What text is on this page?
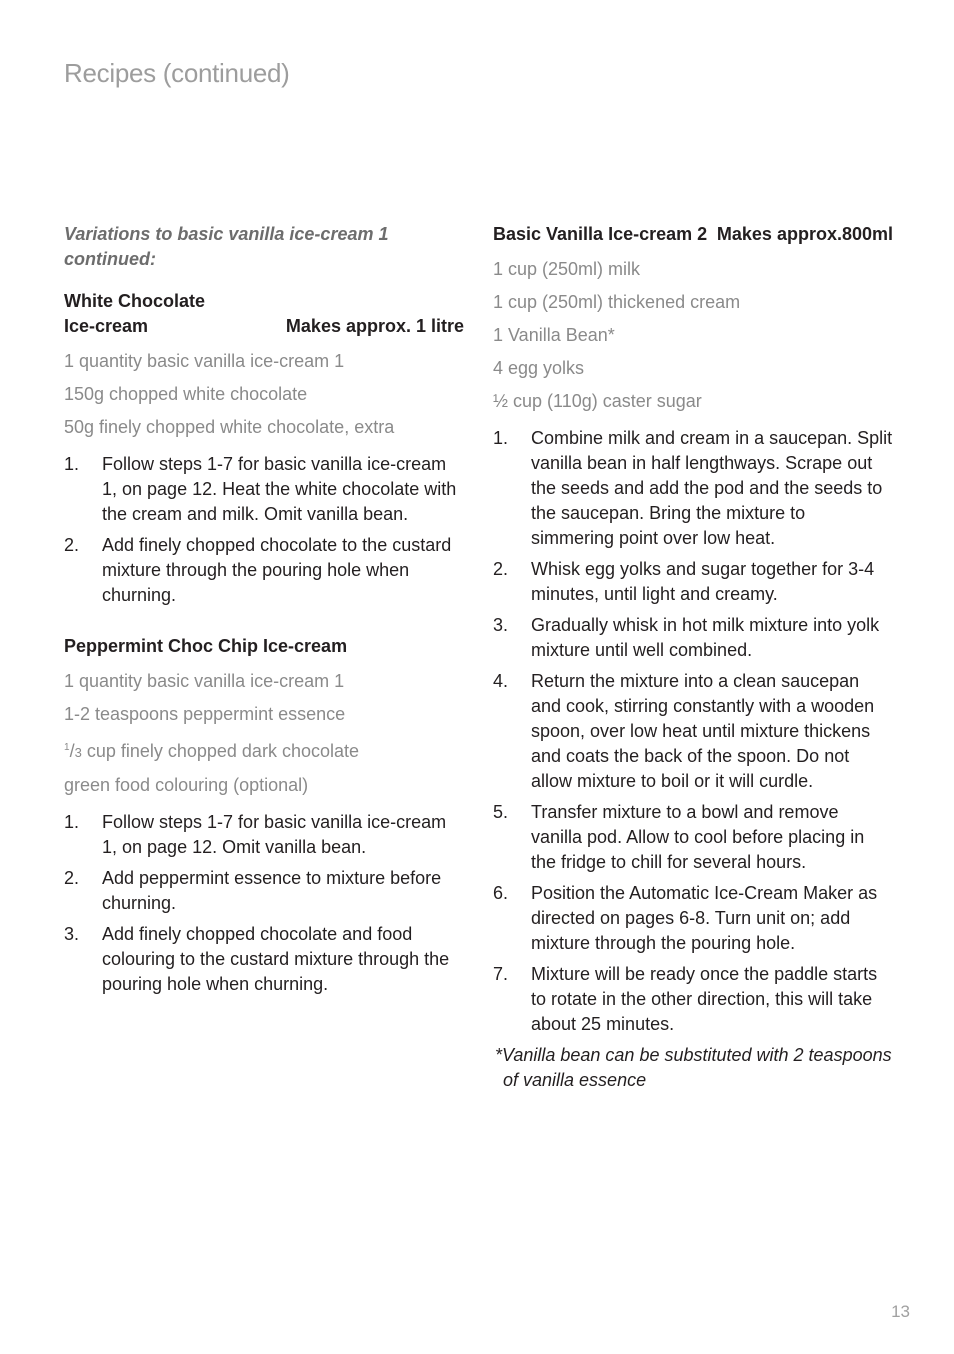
Recipes (continued)

Variations to basic vanilla ice-cream 1 continued:

White Chocolate
Ice-cream	Makes approx. 1 litre
1 quantity basic vanilla ice-cream 1
150g chopped white chocolate
50g finely chopped white chocolate, extra
1.	Follow steps 1-7 for basic vanilla ice-cream 1, on page 12. Heat the white chocolate with the cream and milk. Omit vanilla bean.
2.	Add finely chopped chocolate to the custard mixture through the pouring hole when churning.
Peppermint Choc Chip Ice-cream
1 quantity basic vanilla ice-cream 1
1-2 teaspoons peppermint essence
$^1$/3 cup finely chopped dark chocolate
green food colouring (optional)
1.	Follow steps 1-7 for basic vanilla ice-cream 1, on page 12. Omit vanilla bean.
2.	Add peppermint essence to mixture before churning.
3.	Add finely chopped chocolate and food colouring to the custard mixture through the pouring hole when churning.
Basic Vanilla Ice-cream 2 Makes approx.800ml
1 cup (250ml) milk
1 cup (250ml) thickened cream
1 Vanilla Bean*
4 egg yolks
½ cup (110g) caster sugar
1.	Combine milk and cream in a saucepan. Split vanilla bean in half lengthways. Scrape out the seeds and add the pod and the seeds to the saucepan. Bring the mixture to simmering point over low heat.
2.	Whisk egg yolks and sugar together for 3-4 minutes, until light and creamy.
3.	Gradually whisk in hot milk mixture into yolk mixture until well combined.
4.	Return the mixture into a clean saucepan and cook, stirring constantly with a wooden spoon, over low heat until mixture thickens and coats the back of the spoon. Do not allow mixture to boil or it will curdle.
5.	Transfer mixture to a bowl and remove vanilla pod. Allow to cool before placing in the fridge to chill for several hours.
6.	Position the Automatic Ice-Cream Maker as directed on pages 6-8. Turn unit on; add mixture through the pouring hole.
7.	Mixture will be ready once the paddle starts to rotate in the other direction, this will take about 25 minutes.

*Vanilla bean can be substituted with 2 teaspoons of vanilla essence

13
